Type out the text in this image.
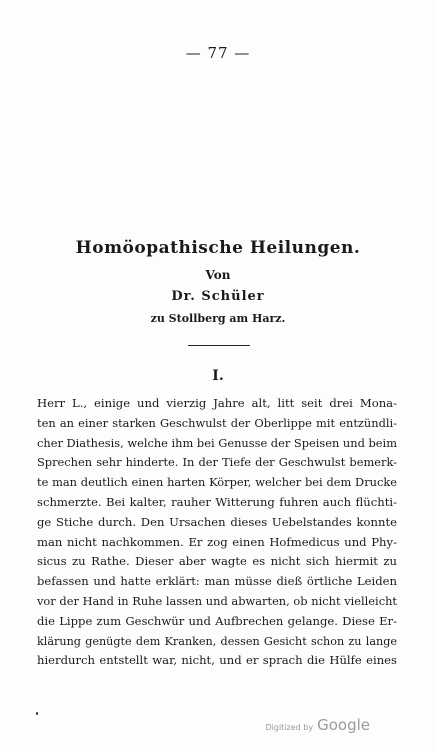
— 77 —
Homöopathische Heilungen.
Von
Dr. Schüler
zu Stollberg am Harz.
I.
Herr L., einige und vierzig Jahre alt, litt seit drei Mona-
ten an einer starken Geschwulst der Oberlippe mit entzündli-
cher Diathesis, welche ihm bei Genusse der Speisen und beim
Sprechen sehr hinderte. In der Tiefe der Geschwulst bemerk-
te man deutlich einen harten Körper, welcher bei dem Drucke
schmerzte. Bei kalter, rauher Witterung fuhren auch flüchti-
ge Stiche durch. Den Ursachen dieses Uebelstandes konnte
man nicht nachkommen. Er zog einen Hofmedicus und Phy-
sicus zu Rathe. Dieser aber wagte es nicht sich hiermit zu
befassen und hatte erklärt: man müsse dieß örtliche Leiden
vor der Hand in Ruhe lassen und abwarten, ob nicht vielleicht
die Lippe zum Geschwür und Aufbrechen gelange. Diese Er-
klärung genügte dem Kranken, dessen Gesicht schon zu lange
hierdurch entstellt war, nicht, und er sprach die Hülfe eines
Digitized by Google
